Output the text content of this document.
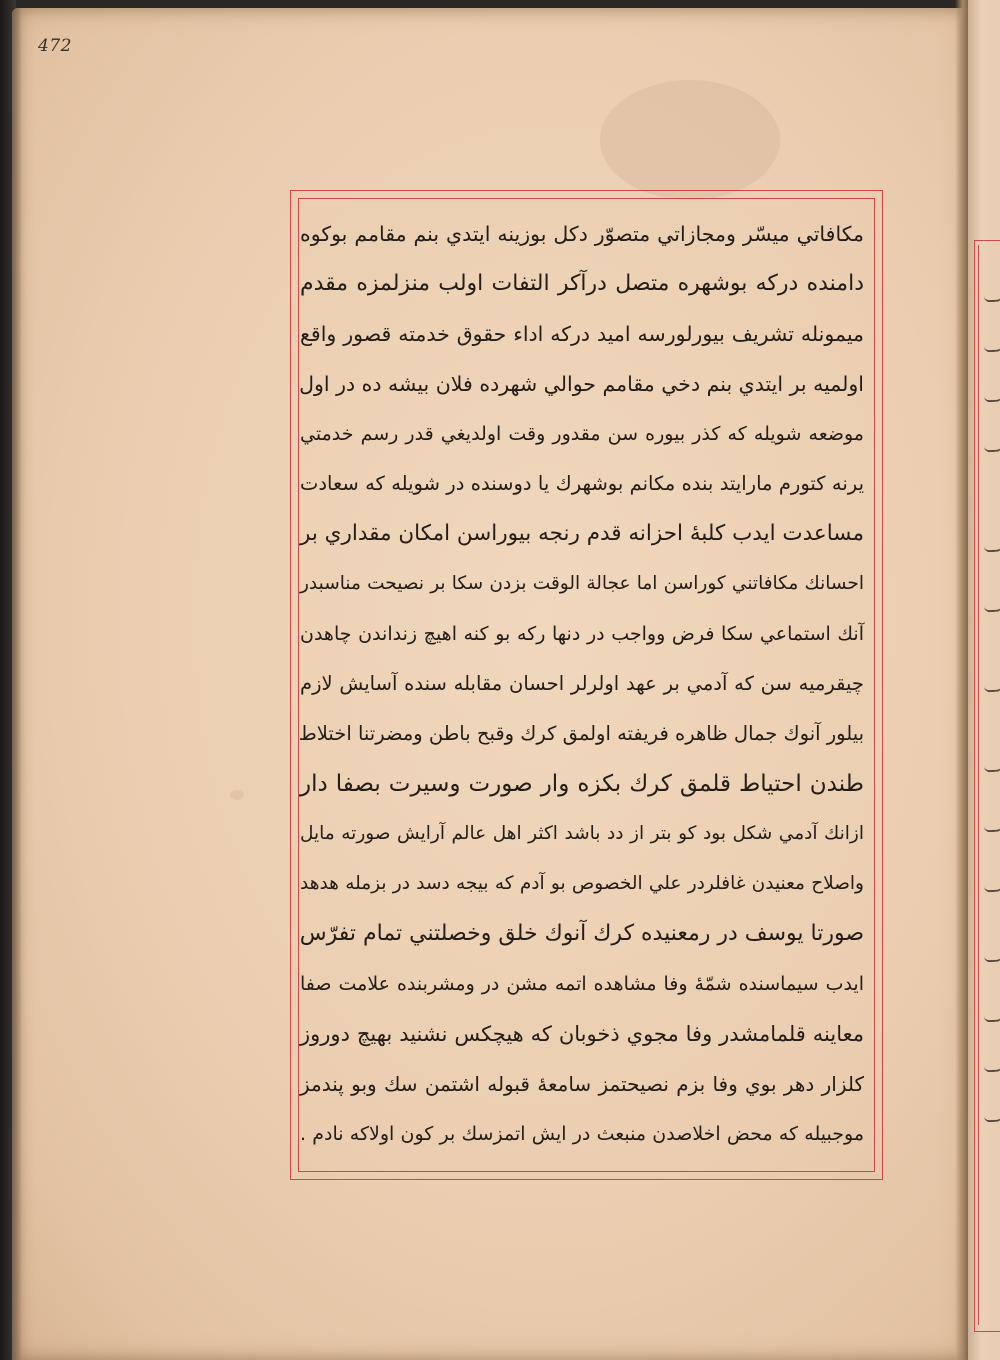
472
مكافاتي میسّر ومجازاتي متصوّر دكل بوزينه ایتدي بنم مقامم بوكوه
دامنده دركه بوشهره متصل درآكر التفات اولب منزلمزه مقدم
میمونله تشریف بیورلورسه امید درکه اداء حقوق خدمته قصور واقع
اولمیه بر ایتدي بنم دخي مقامم حوالي شهرده فلان بیشه ده در اول
موضعه شویله که كذر بیوره سن مقدور وقت اولدیغي قدر رسم خدمتي
یرنه کتورم مارایتد بنده مکانم بوشهرك یا دوسنده در شویله كه سعادت
مساعدت ایدب کلبهٔ احزانه قدم رنجه بیوراسن امکان مقداري بر
احسانك مكافاتني كوراسن اما عجالة الوقت بزدن سكا بر نصیحت مناسبدر
آنك استماعي سكا فرض وواجب در دنها ركه بو كنه اهیچ زنداندن چاهدن
چیقرمیه سن كه آدمي بر عهد اولرلر احسان مقابله سنده آسایش لازم
بیلور آنوك جمال ظاهره فریفته اولمق كرك وقبح باطن ومضرتنا اختلاط
طندن احتیاط قلمق كرك بكزه وار صورت وسیرت بصفا دار
ازانك آدمي شكل بود كو بتر از دد باشد اكثر اهل عالم آرایش صورته مایل
واصلاح معنیدن غافلردر علي الخصوص بو آدم كه بیجه دسد در بزمله هدهد
صورتا یوسف در رمعنیده كرك آنوك خلق وخصلتني تمام تفرّس
ایدب سیماسنده شمّهٔ وفا مشاهده اتمه مشن در ومشربنده علامت صفا
معاینه قلمامشدر وفا مجوي ذخوبان كه هیچكس نشنید بهیچ دوروز
كلزار دهر بوي وفا بزم نصیحتمز سامعهٔ قبوله اشتمن سك وبو پندمز
موجبیله كه محض اخلاصدن منبعث در ایش اتمزسك بر كون اولاكه نادم .
